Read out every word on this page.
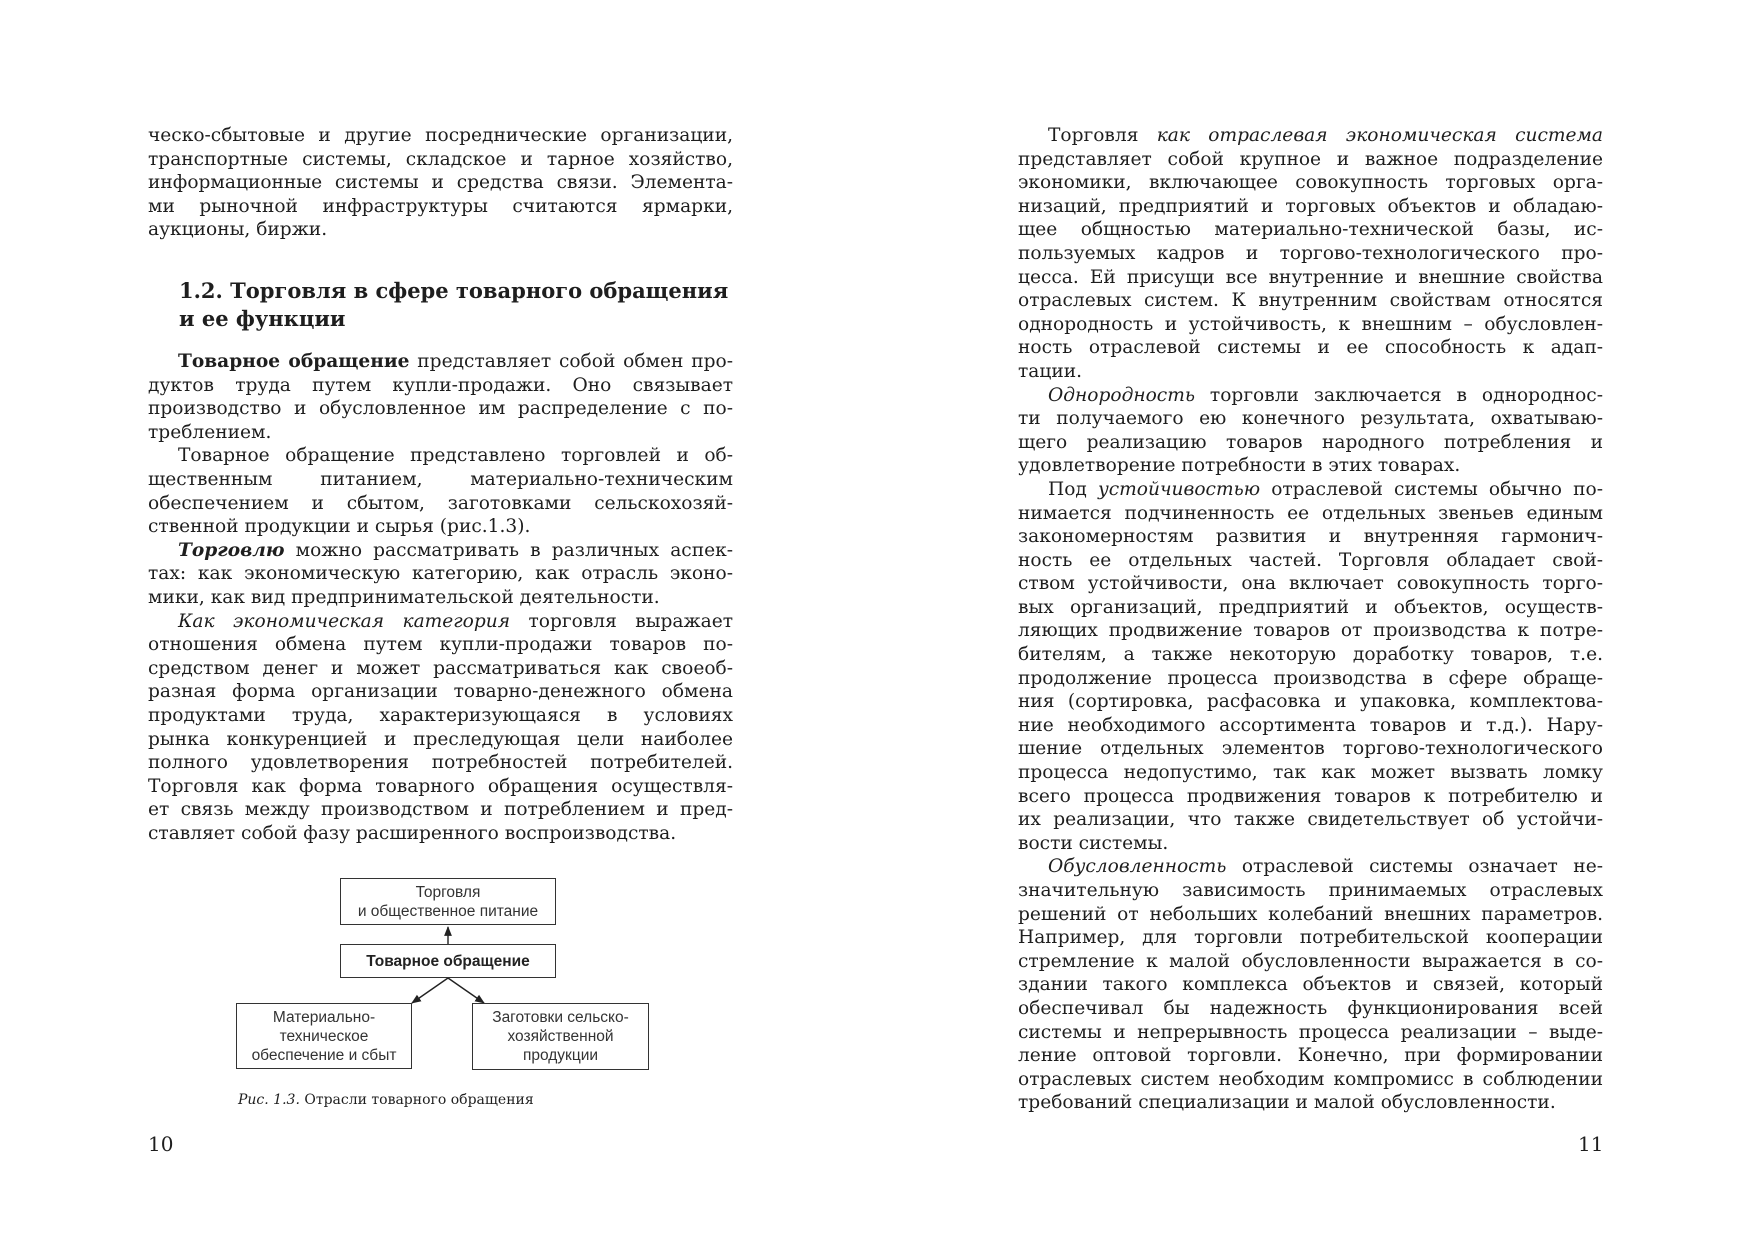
ческо-сбытовые и другие посреднические организации,
транспортные системы, складское и тарное хозяйство,
информационные системы и средства связи. Элемента-
ми рыночной инфраструктуры считаются ярмарки,
аукционы, биржи.
1.2. Торговля в сфере товарного обращения
и ее функции
Товарное обращение представляет собой обмен про-
дуктов труда путем купли-продажи. Оно связывает
производство и обусловленное им распределение с по-
треблением.
Товарное обращение представлено торговлей и об-
щественным питанием, материально-техническим
обеспечением и сбытом, заготовками сельскохозяй-
ственной продукции и сырья (рис.1.3).
Торговлю можно рассматривать в различных аспек-
тах: как экономическую категорию, как отрасль эконо-
мики, как вид предпринимательской деятельности.
Как экономическая категория торговля выражает
отношения обмена путем купли-продажи товаров по-
средством денег и может рассматриваться как своеоб-
разная форма организации товарно-денежного обмена
продуктами труда, характеризующаяся в условиях
рынка конкуренцией и преследующая цели наиболее
полного удовлетворения потребностей потребителей.
Торговля как форма товарного обращения осуществля-
ет связь между производством и потреблением и пред-
ставляет собой фазу расширенного воспроизводства.
Торговля
и общественное питание
Товарное обращение
Материально-
техническое
обеспечение и сбыт
Заготовки сельско-
хозяйственной
продукции
Рис. 1.3. Отрасли товарного обращения
10
Торговля как отраслевая экономическая система
представляет собой крупное и важное подразделение
экономики, включающее совокупность торговых орга-
низаций, предприятий и торговых объектов и обладаю-
щее общностью материально-технической базы, ис-
пользуемых кадров и торгово-технологического про-
цесса. Ей присущи все внутренние и внешние свойства
отраслевых систем. К внутренним свойствам относятся
однородность и устойчивость, к внешним – обусловлен-
ность отраслевой системы и ее способность к адап-
тации.
Однородность торговли заключается в однороднос-
ти получаемого ею конечного результата, охватываю-
щего реализацию товаров народного потребления и
удовлетворение потребности в этих товарах.
Под устойчивостью отраслевой системы обычно по-
нимается подчиненность ее отдельных звеньев единым
закономерностям развития и внутренняя гармонич-
ность ее отдельных частей. Торговля обладает свой-
ством устойчивости, она включает совокупность торго-
вых организаций, предприятий и объектов, осуществ-
ляющих продвижение товаров от производства к потре-
бителям, а также некоторую доработку товаров, т.е.
продолжение процесса производства в сфере обраще-
ния (сортировка, расфасовка и упаковка, комплектова-
ние необходимого ассортимента товаров и т.д.). Нару-
шение отдельных элементов торгово-технологического
процесса недопустимо, так как может вызвать ломку
всего процесса продвижения товаров к потребителю и
их реализации, что также свидетельствует об устойчи-
вости системы.
Обусловленность отраслевой системы означает не-
значительную зависимость принимаемых отраслевых
решений от небольших колебаний внешних параметров.
Например, для торговли потребительской кооперации
стремление к малой обусловленности выражается в со-
здании такого комплекса объектов и связей, который
обеспечивал бы надежность функционирования всей
системы и непрерывность процесса реализации – выде-
ление оптовой торговли. Конечно, при формировании
отраслевых систем необходим компромисс в соблюдении
требований специализации и малой обусловленности.
11
